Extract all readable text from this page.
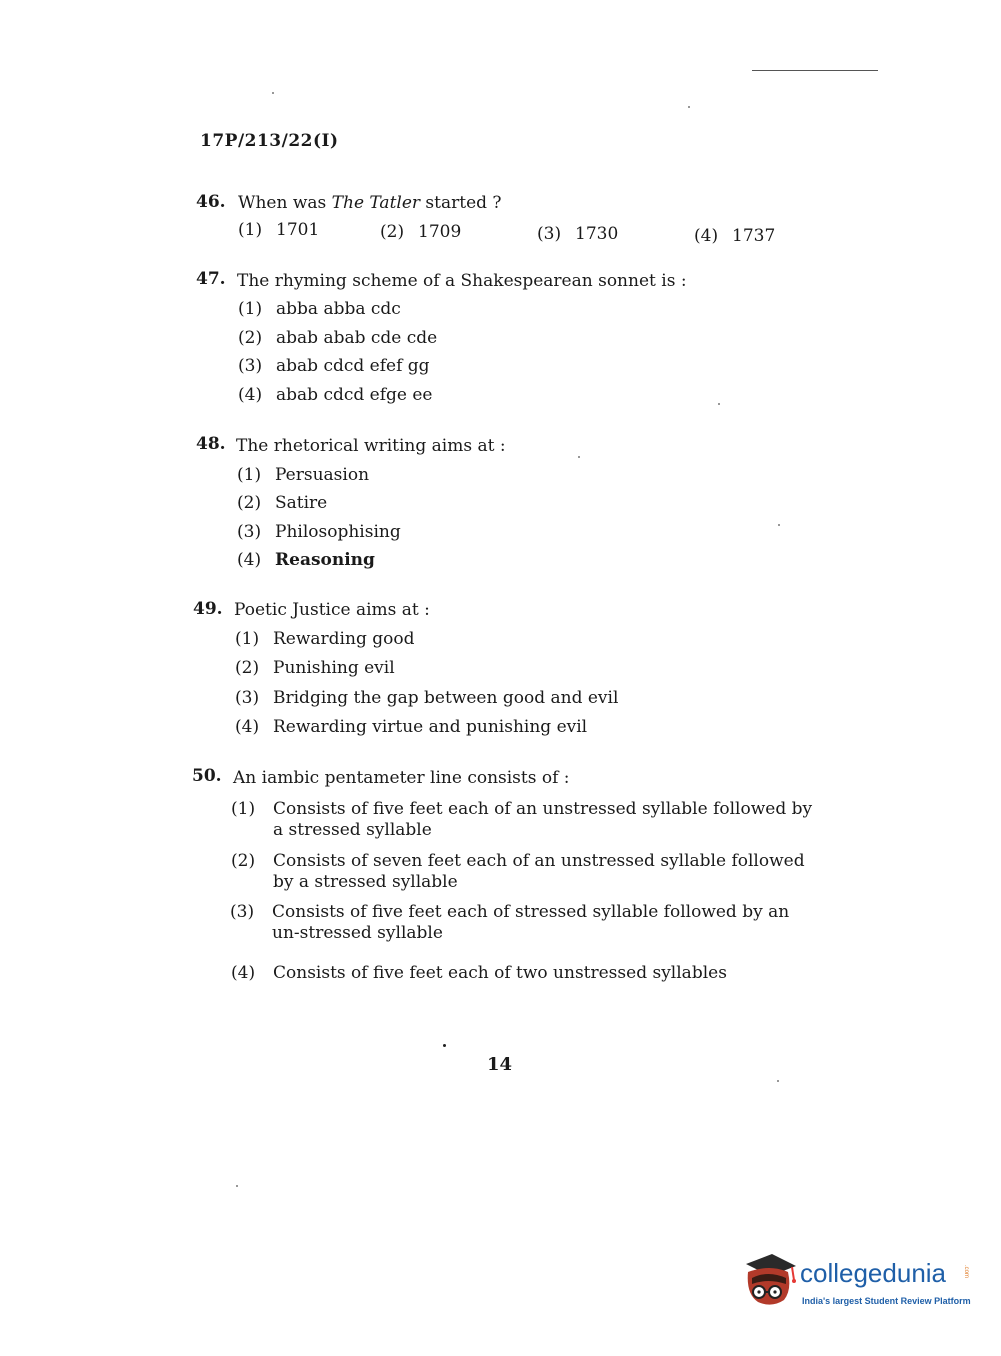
17P/213/22(I)
46. When was The Tatler started ?
(1) 1701	(2) 1709	(3) 1730	(4) 1737
47. The rhyming scheme of a Shakespearean sonnet is :
(1) abba abba cdc
(2) abab abab cde cde
(3) abab cdcd efef gg
(4) abab cdcd efge ee
48. The rhetorical writing aims at :
(1) Persuasion
(2) Satire
(3) Philosophising
(4) Reasoning
49. Poetic Justice aims at :
(1) Rewarding good
(2) Punishing evil
(3) Bridging the gap between good and evil
(4) Rewarding virtue and punishing evil
50. An iambic pentameter line consists of :
(1)	Consists of five feet each of an unstressed syllable followed by a stressed syllable
(2)	Consists of seven feet each of an unstressed syllable followed by a stressed syllable
(3)	Consists of five feet each of stressed syllable followed by an un-stressed syllable
(4)	Consists of five feet each of two unstressed syllables
14
collegedunia	.com
India's largest Student Review Platform
